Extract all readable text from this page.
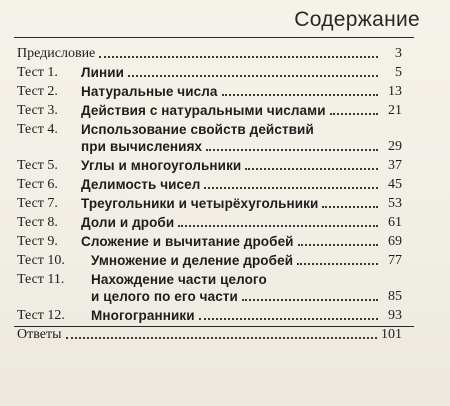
Содержание
Предисловие	3
Тест 1.	Линии	5
Тест 2.	Натуральные числа	13
Тест 3.	Действия с натуральными числами	21
Тест 4.	Использование свойств действий
при вычислениях	29
Тест 5.	Углы и многоугольники	37
Тест 6.	Делимость чисел	45
Тест 7.	Треугольники и четырёхугольники	53
Тест 8.	Доли и дроби	61
Тест 9.	Сложение и вычитание дробей	69
Тест 10.	Умножение и деление дробей	77
Тест 11.	Нахождение части целого
и целого по его части	85
Тест 12.	Многогранники	93
Ответы	101
